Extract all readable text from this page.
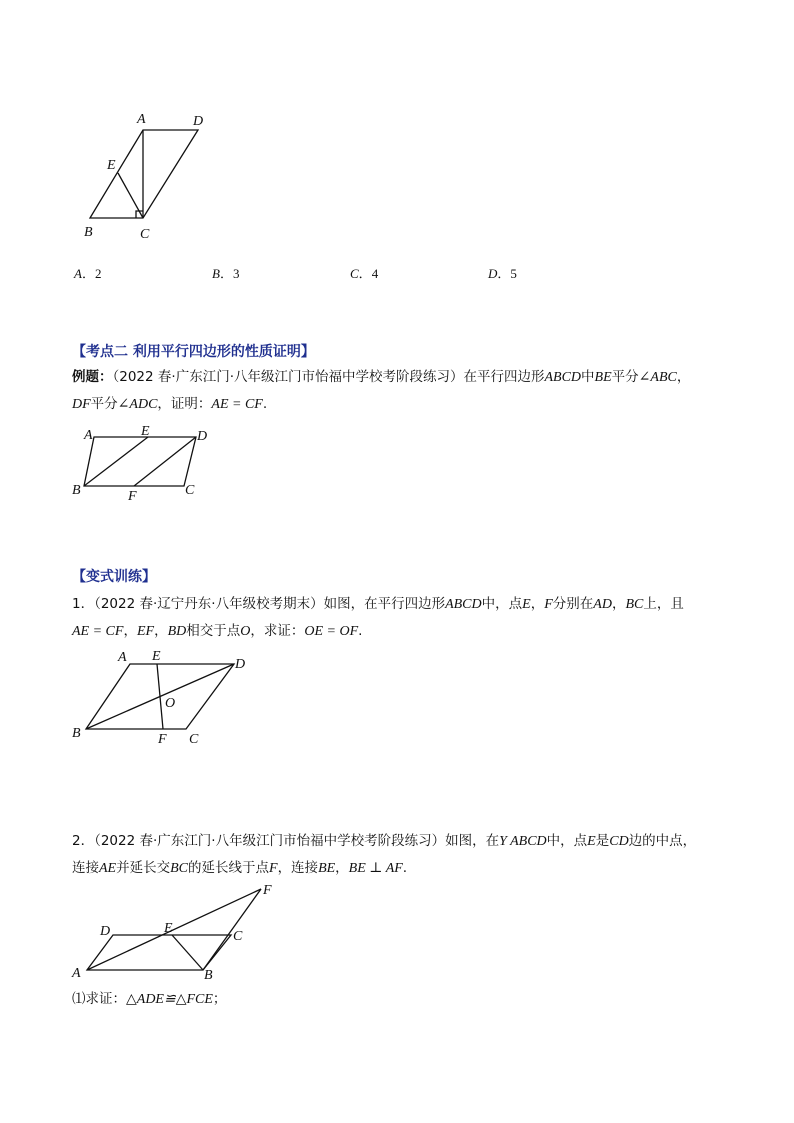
A	D
E
B	C
A．2	B．3	C．4	D．5
【考点二 利用平行四边形的性质证明】
例题：（2022 春·广东江门·八年级江门市怡福中学校考阶段练习）在平行四边形ABCD中BE平分∠ABC，
DF平分∠ADC，证明：AE = CF.
A	E	D
B	F	C
【变式训练】
1．（2022 春·辽宁丹东·八年级校考期末）如图，在平行四边形ABCD中，点E，F分别在AD，BC上，且
AE = CF，EF，BD相交于点O，求证：OE = OF.
A E
D
O
B	F C
2．（2022 春·广东江门·八年级江门市怡福中学校考阶段练习）如图，在Y ABCD中，点E是CD边的中点，
连接AE并延长交BC的延长线于点F，连接BE，BE ⊥ AF.
D	E
C
F
A	B
⑴求证：△ADE≌△FCE；
